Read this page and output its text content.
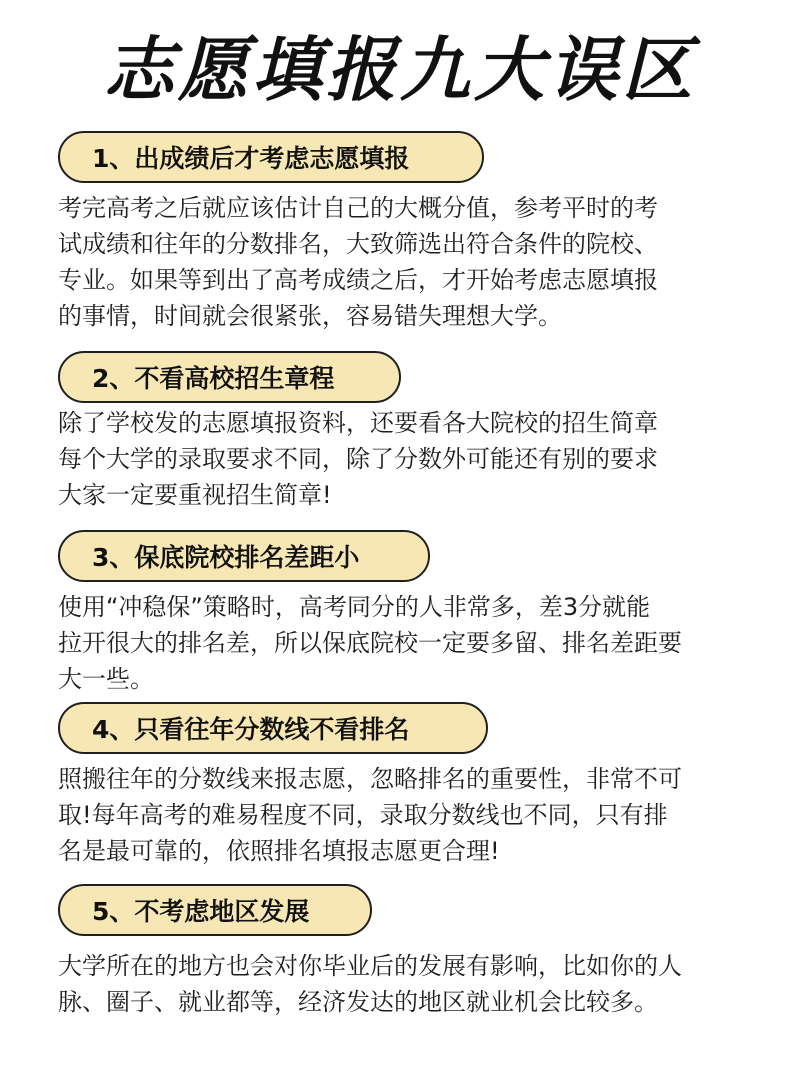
志愿填报九大误区
1、出成绩后才考虑志愿填报
考完高考之后就应该估计自己的大概分值，参考平时的考
试成绩和往年的分数排名，大致筛选出符合条件的院校、
专业。如果等到出了高考成绩之后，才开始考虑志愿填报
的事情，时间就会很紧张，容易错失理想大学。
2、不看高校招生章程
除了学校发的志愿填报资料，还要看各大院校的招生简章
每个大学的录取要求不同，除了分数外可能还有别的要求
大家一定要重视招生简章!
3、保底院校排名差距小
使用“冲稳保”策略时，高考同分的人非常多，差3分就能
拉开很大的排名差，所以保底院校一定要多留、排名差距要
大一些。
4、只看往年分数线不看排名
照搬往年的分数线来报志愿，忽略排名的重要性，非常不可
取!每年高考的难易程度不同，录取分数线也不同，只有排
名是最可靠的，依照排名填报志愿更合理!
5、不考虑地区发展
大学所在的地方也会对你毕业后的发展有影响，比如你的人
脉、圈子、就业都等，经济发达的地区就业机会比较多。
